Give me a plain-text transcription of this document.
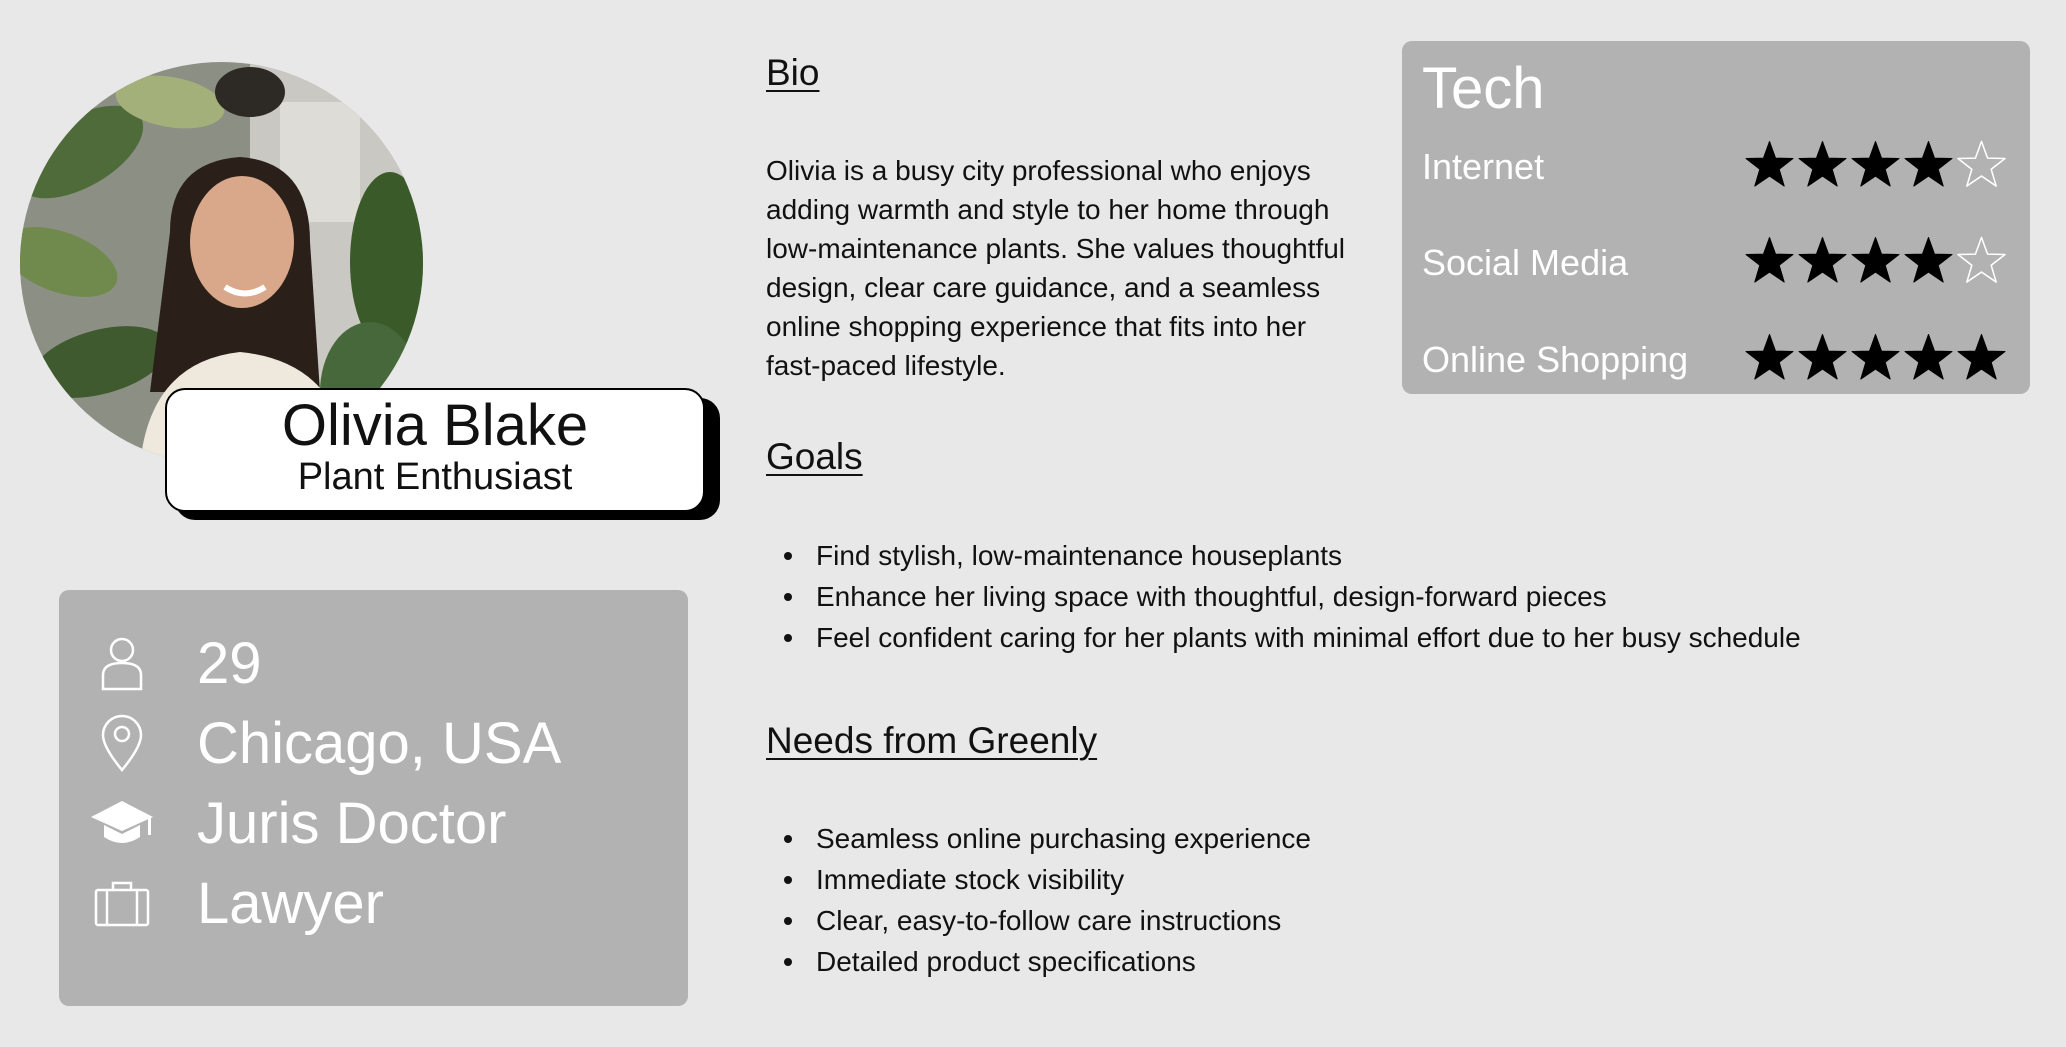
Olivia Blake
Plant Enthusiast
29
Chicago, USA
Juris Doctor
Lawyer
Bio
Olivia is a busy city professional who enjoys adding warmth and style to her home through low-maintenance plants. She values thoughtful design, clear care guidance, and a seamless online shopping experience that fits into her fast-paced lifestyle.
Goals
Find stylish, low-maintenance houseplants
Enhance her living space with thoughtful, design-forward pieces
Feel confident caring for her plants with minimal effort due to her busy schedule
Needs from Greenly
Seamless online purchasing experience
Immediate stock visibility
Clear, easy-to-follow care instructions
Detailed product specifications
Tech
Internet
Social Media
Online Shopping
